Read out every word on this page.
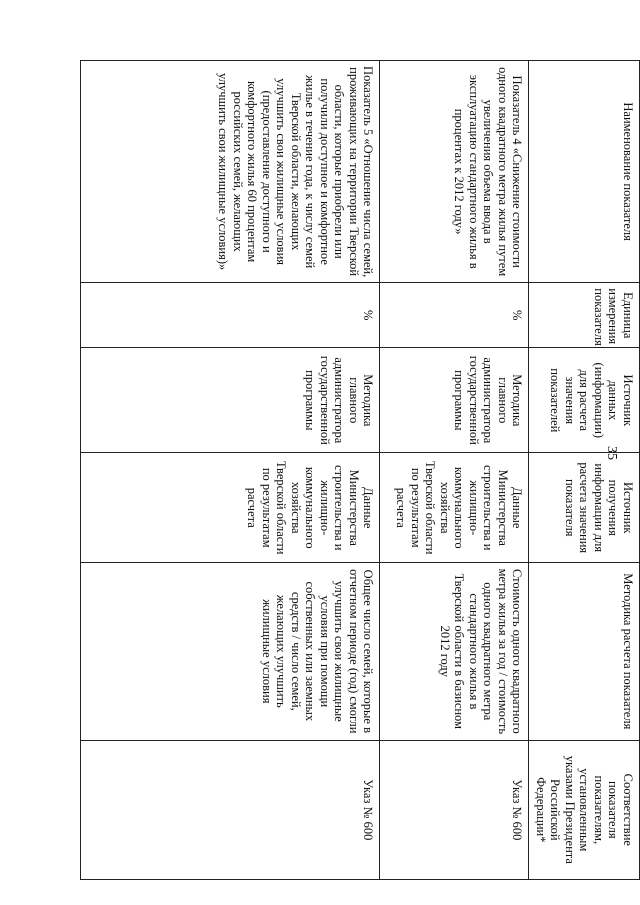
35
Наименование показателя	Единица измерения показателя	Источник данных (информации) для расчета значения показателей	Источник получения информации для расчета значения показателя	Методика расчета показателя	Соответствие показателя показателям, установленным указами Президента Российской Федерации*
Показатель 4 «Снижение стоимости одного квадратного метра жилья путем увеличения объема ввода в эксплуатацию стандартного жилья в процентах к 2012 году»	%	Методика главного администратора государственной программы	Данные Министерства строительства и жилищно-коммунального хозяйства Тверской области по результатам расчета	Стоимость одного квадратного метра жилья за год / стоимость одного квадратного метра стандартного жилья в Тверской области в базисном 2012 году	Указ № 600
Показатель 5 «Отношение числа семей, проживающих на территории Тверской области, которые приобрели или получили доступное и комфортное жилье в течение года, к числу семей Тверской области, желающих улучшить свои жилищные условия (предоставление доступного и комфортного жилья 60 процентам российских семей, желающих улучшить свои жилищные условия)»	%	Методика главного администратора государственной программы	Данные Министерства строительства и жилищно-коммунального хозяйства Тверской области по результатам расчета	Общее число семей, которые в отчетном периоде (год) смогли улучшить свои жилищные условия при помощи собственных или заемных средств / число семей, желающих улучшить жилищные условия	Указ № 600
